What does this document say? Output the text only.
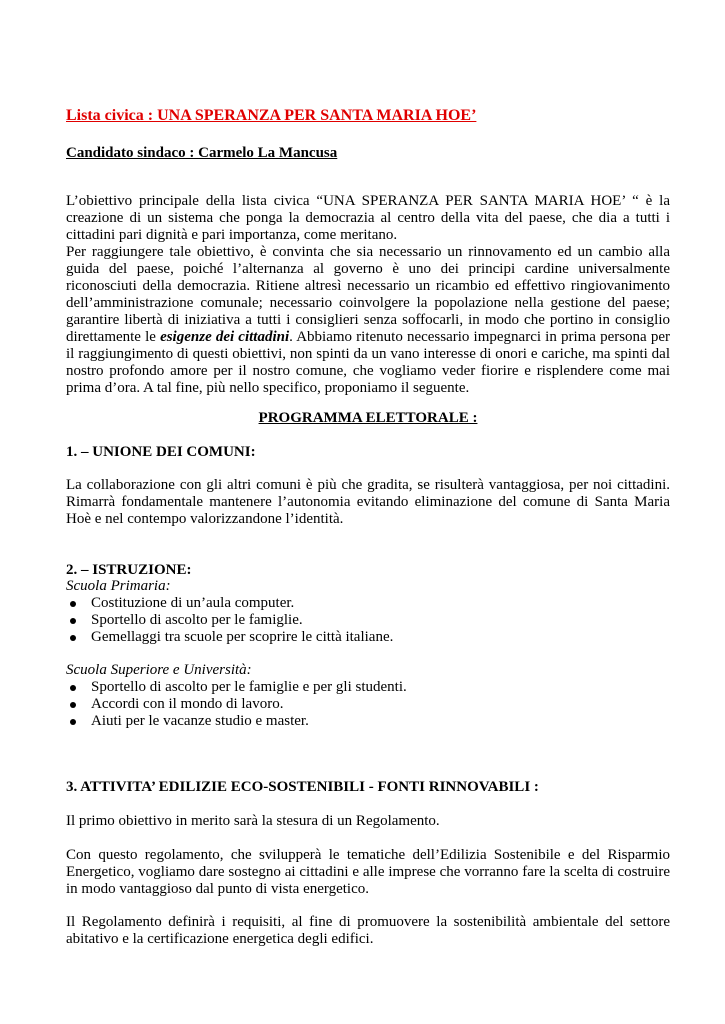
Lista civica : UNA SPERANZA PER SANTA MARIA HOE’
Candidato sindaco : Carmelo La Mancusa

L’obiettivo principale della lista civica “UNA SPERANZA PER SANTA MARIA HOE’ “ è la creazione di un sistema che ponga la democrazia al centro della vita del paese, che dia a tutti i cittadini pari dignità e pari importanza, come meritano.

Per raggiungere tale obiettivo, è convinta che sia necessario un rinnovamento ed un cambio alla guida del paese, poiché l’alternanza al governo è uno dei principi cardine universalmente riconosciuti della democrazia. Ritiene altresì necessario un ricambio ed effettivo ringiovanimento dell’amministrazione comunale; necessario coinvolgere la popolazione nella gestione del paese; garantire libertà di iniziativa a tutti i consiglieri senza soffocarli, in modo che portino in consiglio direttamente le esigenze dei cittadini. Abbiamo ritenuto necessario impegnarci in prima persona per il raggiungimento di questi obiettivi, non spinti da un vano interesse di onori e cariche, ma spinti dal nostro profondo amore per il nostro comune, che vogliamo veder fiorire e risplendere come mai prima d’ora. A tal fine, più nello specifico, proponiamo il seguente.

PROGRAMMA ELETTORALE :
1. – UNIONE DEI COMUNI:

La collaborazione con gli altri comuni è più che gradita, se risulterà vantaggiosa, per noi cittadini. Rimarrà fondamentale mantenere l’autonomia evitando eliminazione del comune di Santa Maria Hoè e nel contempo valorizzandone l’identità.

2. – ISTRUZIONE:
Scuola Primaria:
Costituzione di un’aula computer.
Sportello di ascolto per le famiglie.
Gemellaggi tra scuole per scoprire le città italiane.
Scuola Superiore e Università:
Sportello di ascolto per le famiglie e per gli studenti.
Accordi con il mondo di lavoro.
Aiuti per le vacanze studio e master.
3. ATTIVITA’ EDILIZIE ECO-SOSTENIBILI - FONTI RINNOVABILI :

Il primo obiettivo in merito sarà la stesura di un Regolamento.

Con questo regolamento, che svilupperà le tematiche dell’Edilizia Sostenibile e del Risparmio Energetico, vogliamo dare sostegno ai cittadini e alle imprese che vorranno fare la scelta di costruire in modo vantaggioso dal punto di vista energetico.

Il Regolamento definirà i requisiti, al fine di promuovere la sostenibilità ambientale del settore abitativo e la certificazione energetica degli edifici.
